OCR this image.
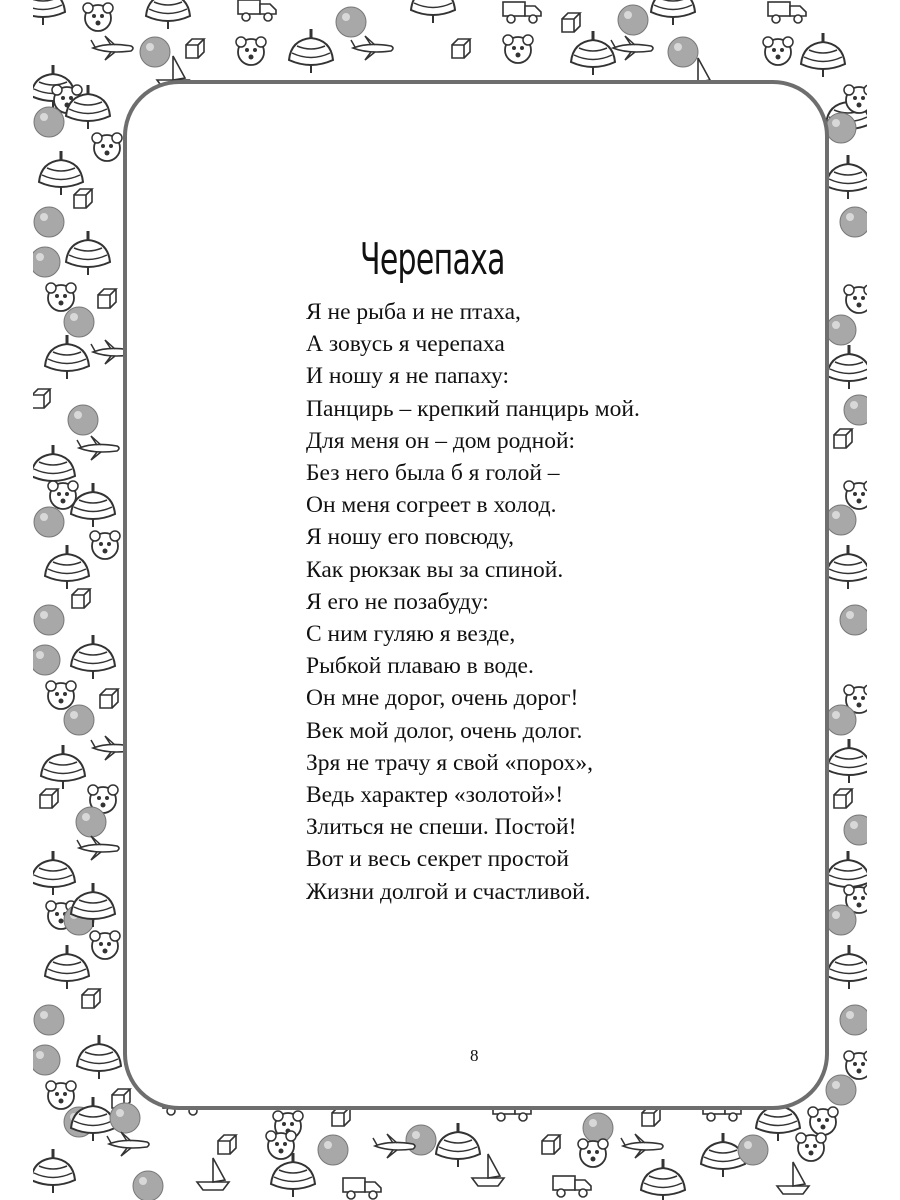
Черепаха
Я не рыба и не птаха,
А зовусь я черепаха
И ношу я не папаху:
Панцирь – крепкий панцирь мой.
Для меня он – дом родной:
Без него была б я голой –
Он меня согреет в холод.
Я ношу его повсюду,
Как рюкзак вы за спиной.
Я его не позабуду:
С ним гуляю я везде,
Рыбкой плаваю в воде.
Он мне дорог, очень дорог!
Век мой долог, очень долог.
Зря не трачу я свой «порох»,
Ведь характер «золотой»!
Злиться не спеши. Постой!
Вот и весь секрет простой
Жизни долгой и счастливой.
8
